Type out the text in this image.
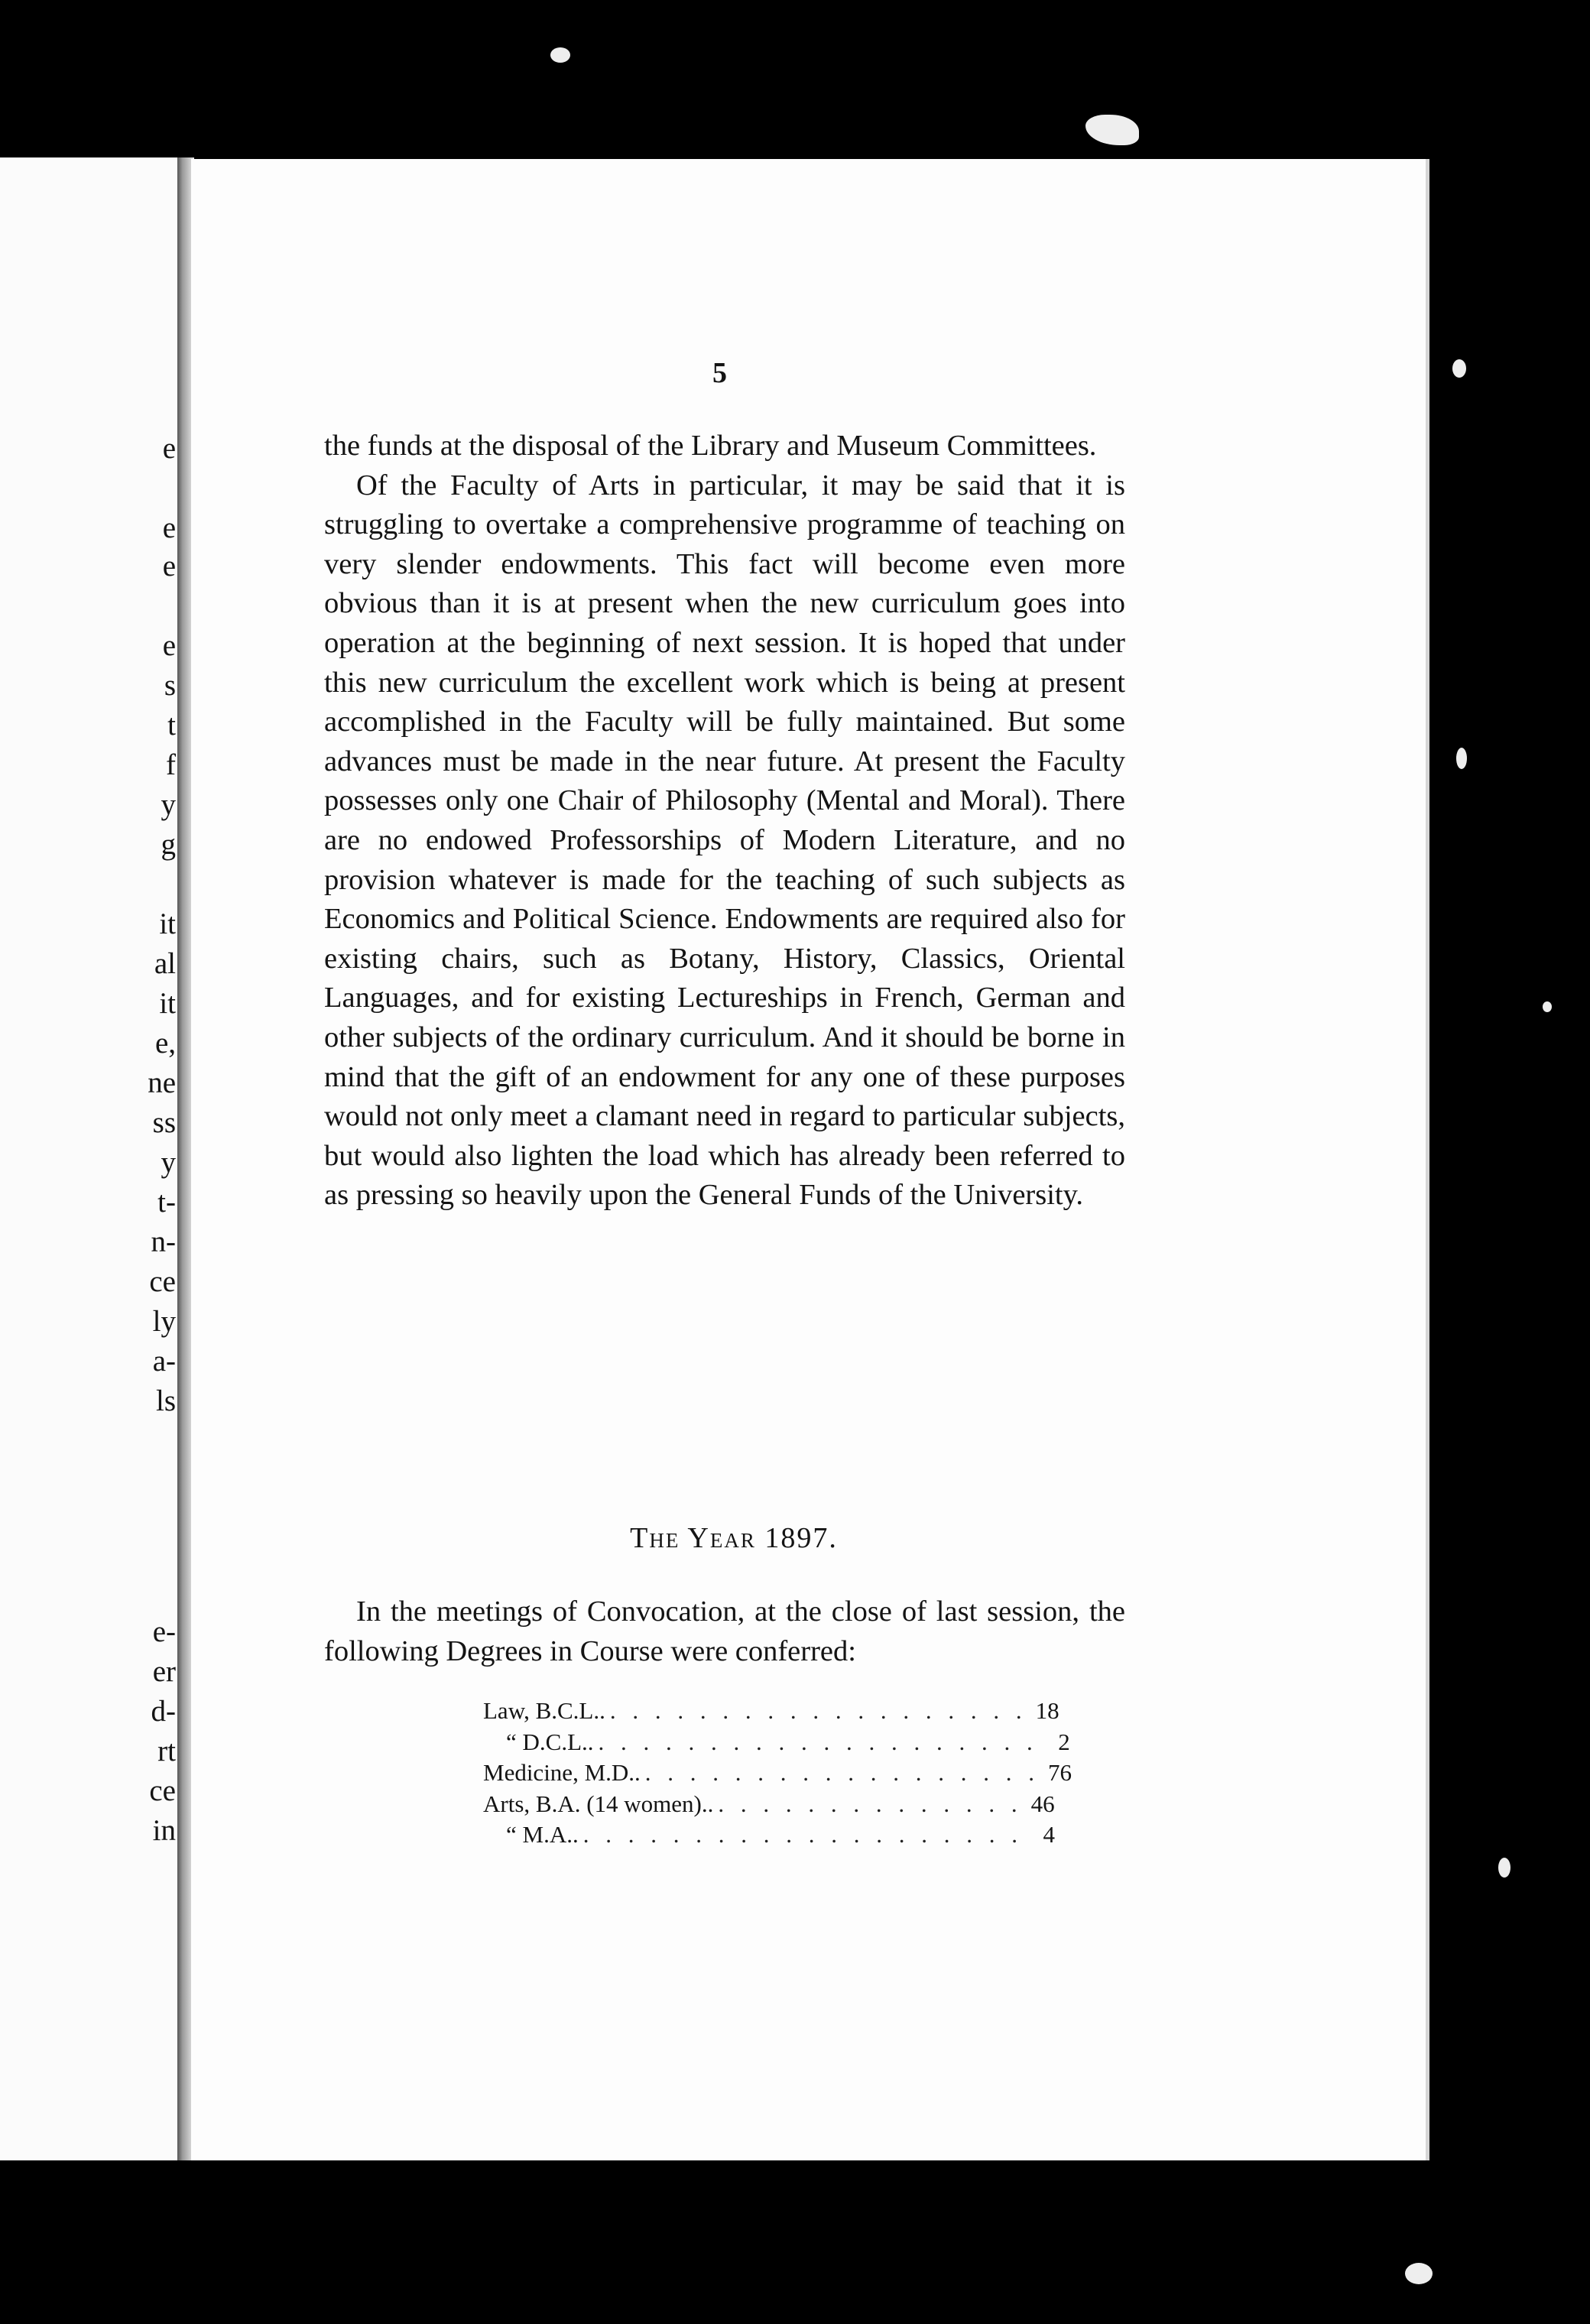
e
e
e
e
s
t
f
y
g
it
al
it
e,
ne
ss
y
t-
n-
ce
ly
a-
ls
e-
er
d-
rt
ce
in
5

the funds at the disposal of the Library and Museum Committees.

Of the Faculty of Arts in particular, it may be said that it is struggling to overtake a comprehensive programme of teaching on very slender endowments. This fact will become even more obvious than it is at present when the new curriculum goes into operation at the beginning of next session. It is hoped that under this new curriculum the excellent work which is being at present accomplished in the Faculty will be fully maintained. But some advances must be made in the near future. At present the Faculty possesses only one Chair of Philosophy (Mental and Moral). There are no endowed Professorships of Modern Literature, and no provision whatever is made for the teaching of such subjects as Economics and Political Science. Endowments are required also for existing chairs, such as Botany, History, Classics, Oriental Languages, and for existing Lectureships in French, German and other subjects of the ordinary curriculum. And it should be borne in mind that the gift of an endowment for any one of these purposes would not only meet a clamant need in regard to particular subjects, but would also lighten the load which has already been referred to as pressing so heavily upon the General Funds of the University.

The Year 1897.

In the meetings of Convocation, at the close of last session, the following Degrees in Course were conferred:

Law, B.C.L.. . . . . . . . . . . . . . . . . . . . 18
“ D.C.L.. . . . . . . . . . . . . . . . . . . . . 2
Medicine, M.D.. . . . . . . . . . . . . . . . . . . 76
Arts, B.A. (14 women).. . . . . . . . . . . . . . . 46
“ M.A.. . . . . . . . . . . . . . . . . . . . . 4
